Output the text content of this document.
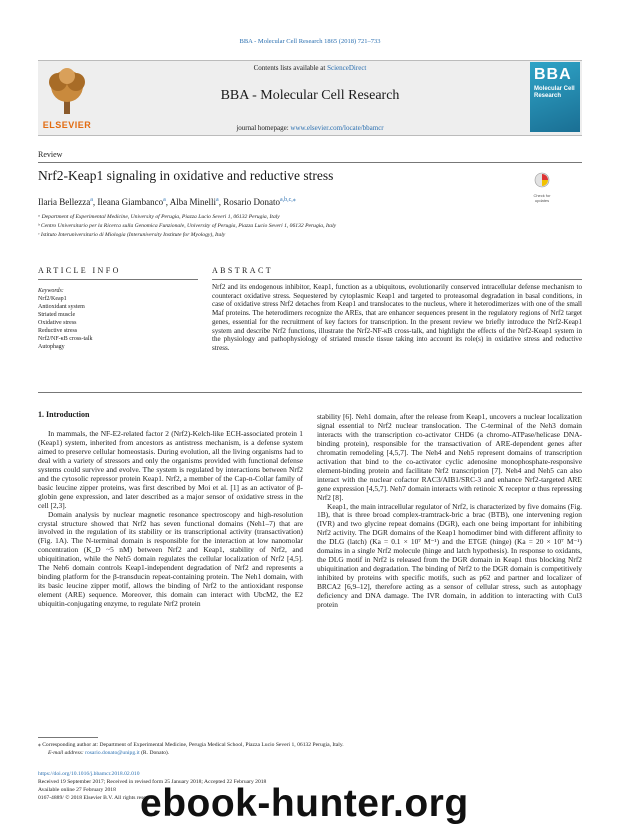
BBA - Molecular Cell Research 1865 (2018) 721–733
ELSEVIER
Contents lists available at ScienceDirect
BBA - Molecular Cell Research
journal homepage: www.elsevier.com/locate/bbamcr
BBA
Molecular Cell Research
Review
Nrf2-Keap1 signaling in oxidative and reductive stress
Check for updates
Ilaria Bellezza$^a$, Ileana Giambanco$^a$, Alba Minelli$^a$, Rosario Donato$^{a,b,c,⁎}$
ᵃ Department of Experimental Medicine, University of Perugia, Piazza Lucio Severi 1, 06132 Perugia, Italy
ᵇ Centro Universitario per la Ricerca sulla Genomica Funzionale, University of Perugia, Piazza Lucio Severi 1, 06132 Perugia, Italy
ᶜ Istituto Interuniversitario di Miologia (Interuniversity Institute for Myology), Italy
ARTICLE INFO	ABSTRACT
Keywords:
Nrf2/Keap1
Antioxidant system
Striated muscle
Oxidative stress
Reductive stress
Nrf2/NF-κB cross-talk
Autophagy

Nrf2 and its endogenous inhibitor, Keap1, function as a ubiquitous, evolutionarily conserved intracellular defense mechanism to counteract oxidative stress. Sequestered by cytoplasmic Keap1 and targeted to proteasomal degradation in basal conditions, in case of oxidative stress Nrf2 detaches from Keap1 and translocates to the nucleus, where it heterodimerizes with one of the small Maf proteins. The heterodimers recognize the AREs, that are enhancer sequences present in the regulatory regions of Nrf2 target genes, essential for the recruitment of key factors for transcription. In the present review we briefly introduce the Nrf2-Keap1 system and describe Nrf2 functions, illustrate the Nrf2-NF-κB cross-talk, and highlight the effects of the Nrf2-Keap1 system in the physiology and pathophysiology of striated muscle tissue taking into account its role(s) in oxidative stress and reductive stress.

1. Introduction

In mammals, the NF-E2-related factor 2 (Nrf2)-Kelch-like ECH-associated protein 1 (Keap1) system, inherited from ancestors as antistress mechanism, is a defense system aimed to preserve cellular homeostasis. During evolution, all the living organisms had to deal with a variety of stressors and only the organisms provided with functional defense systems could survive and evolve. The system is regulated by interactions between Nrf2 and the cytosolic repressor protein Keap1. Nrf2, a member of the Cap-n-Collar family of basic leucine zipper proteins, was first described by Moi et al. [1] as an activator of β-globin gene expression, and later described as a major sensor of oxidative stress in the cell [2,3].

Domain analysis by nuclear magnetic resonance spectroscopy and high-resolution crystal structure showed that Nrf2 has seven functional domains (Neh1–7) that are involved in the regulation of its stability or its transcriptional activity (transactivation) (Fig. 1A). The N-terminal domain is responsible for the interaction at low nanomolar concentration (K_D ~5 nM) between Nrf2 and Keap1, stability of Nrf2, and ubiquitination, while the Neh5 domain regulates the cellular localization of Nrf2 [4,5]. The Neh6 domain controls Keap1-independent degradation of Nrf2 and represents a binding platform for the β-transducin repeat-containing protein. The Neh1 domain, with its basic leucine zipper motif, allows the binding of Nrf2 to the antioxidant response element (ARE) sequence. Moreover, this domain can interact with UbcM2, the E2 ubiquitin-conjugating enzyme, to regulate Nrf2 protein

stability [6]. Neh1 domain, after the release from Keap1, uncovers a nuclear localization signal essential to Nrf2 nuclear translocation. The C-terminal of the Neh3 domain interacts with the transcription co-activator CHD6 (a chromo-ATPase/helicase DNA-binding protein), responsible for the transactivation of ARE-dependent genes after chromatin remodeling [4,5,7]. The Neh4 and Neh5 represent domains of transcription activation that bind to the co-activator cyclic adenosine monophosphate-responsive element-binding protein and facilitate Nrf2 transcription [7]. Neh4 and Neh5 can also interact with the nuclear cofactor RAC3/AIB1/SRC-3 and enhance Nrf2-targeted ARE gene expression [4,5,7]. Neh7 domain interacts with retinoic X receptor α thus repressing Nrf2 [8].

Keap1, the main intracellular regulator of Nrf2, is characterized by five domains (Fig. 1B), that is three broad complex-tramtrack-bric a brac (BTB), one intervening region (IVR) and two glycine repeat domains (DGR), each one being important for inhibiting Nrf2 activity. The DGR domains of the Keap1 homodimer bind with different affinity to the DLG (latch) (Ka = 0.1 × 10⁷ M⁻¹) and the ETGE (hinge) (Ka = 20 × 10⁷ M⁻¹) domains in a single Nrf2 molecule (hinge and latch hypothesis). In response to oxidants, the DLG motif in Nrf2 is released from the DGR domain in Keap1 thus blocking Nrf2 ubiquitination and degradation. The binding of Nrf2 to the DGR domain is competitively inhibited by proteins with specific motifs, such as p62 and partner and localizer of BRCA2 [6,9–12], therefore acting as a sensor of cellular stress, such as autophagy deficiency and DNA damage. The IVR domain, in addition to interacting with Cul3 protein

⁎ Corresponding author at: Department of Experimental Medicine, Perugia Medical School, Piazza Lucio Severi 1, 06132 Perugia, Italy.
E-mail address: rosario.donato@unipg.it (R. Donato).
https://doi.org/10.1016/j.bbamcr.2018.02.010
Received 19 September 2017; Received in revised form 25 January 2018; Accepted 22 February 2018
Available online 27 February 2018
0167-4889/ © 2018 Elsevier B.V. All rights reserved.
ebook-hunter.org
